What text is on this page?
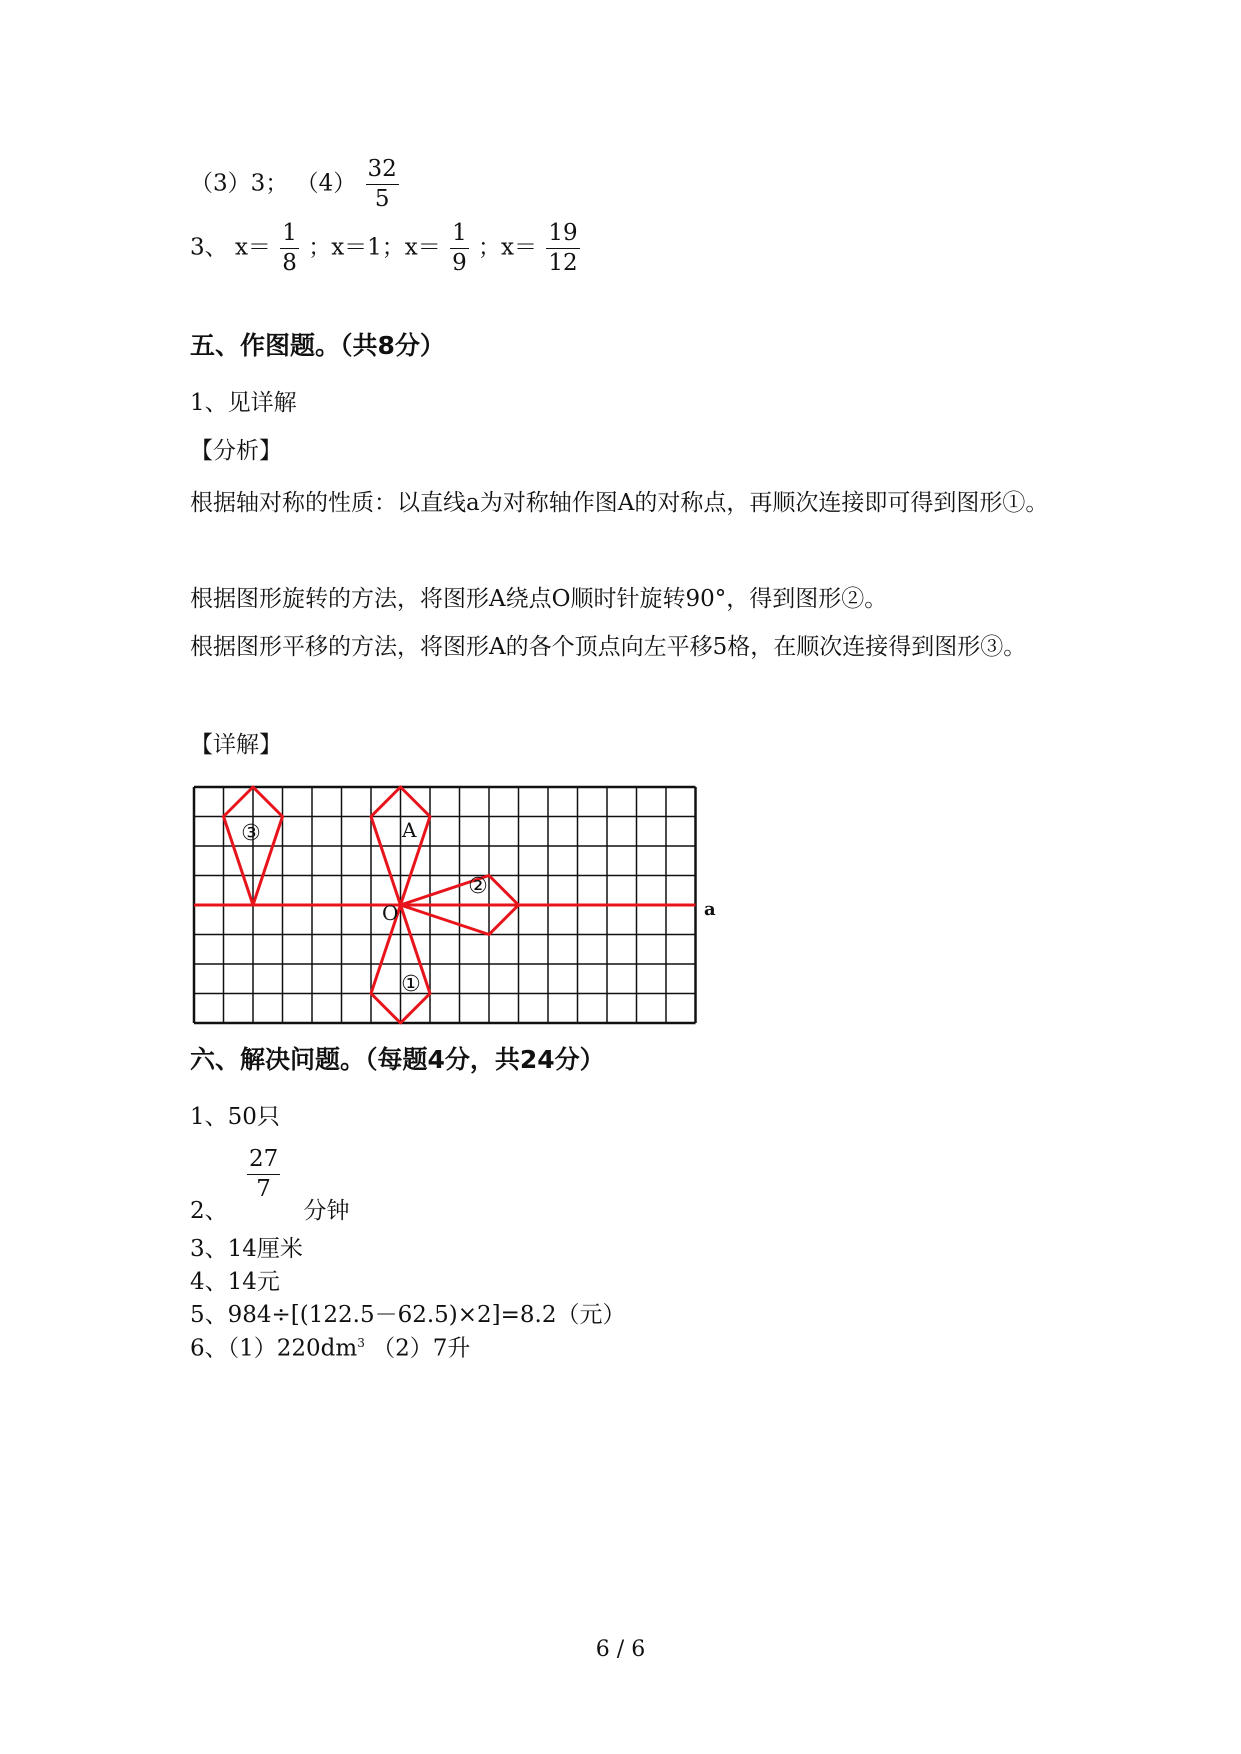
（3）3； $(4) \frac{32}{5}$
3、 $x= \frac{1}{8}$ ；x＝1；$x= \frac{1}{9}$ ；$x= \frac{19}{12}$
五、作图题。（共8分）
1、见详解
【分析】
根据轴对称的性质：以直线a为对称轴作图A的对称点，再顺次连接即可得到图形①。
根据图形旋转的方法，将图形A绕点O顺时针旋转90°，得到图形②。
根据图形平移的方法，将图形A的各个顶点向左平移5格，在顺次连接得到图形③。
【详解】
A
O	a
③
②
①
六、解决问题。（每题4分，共24分）
1、50只
2、
$\frac{27}{7}$
分钟
3、14厘米
4、14元
5、984÷[(122.5－62.5)×2]=8.2（元）
6、$(1)220dm^3$ （2）7升
6 / 6
